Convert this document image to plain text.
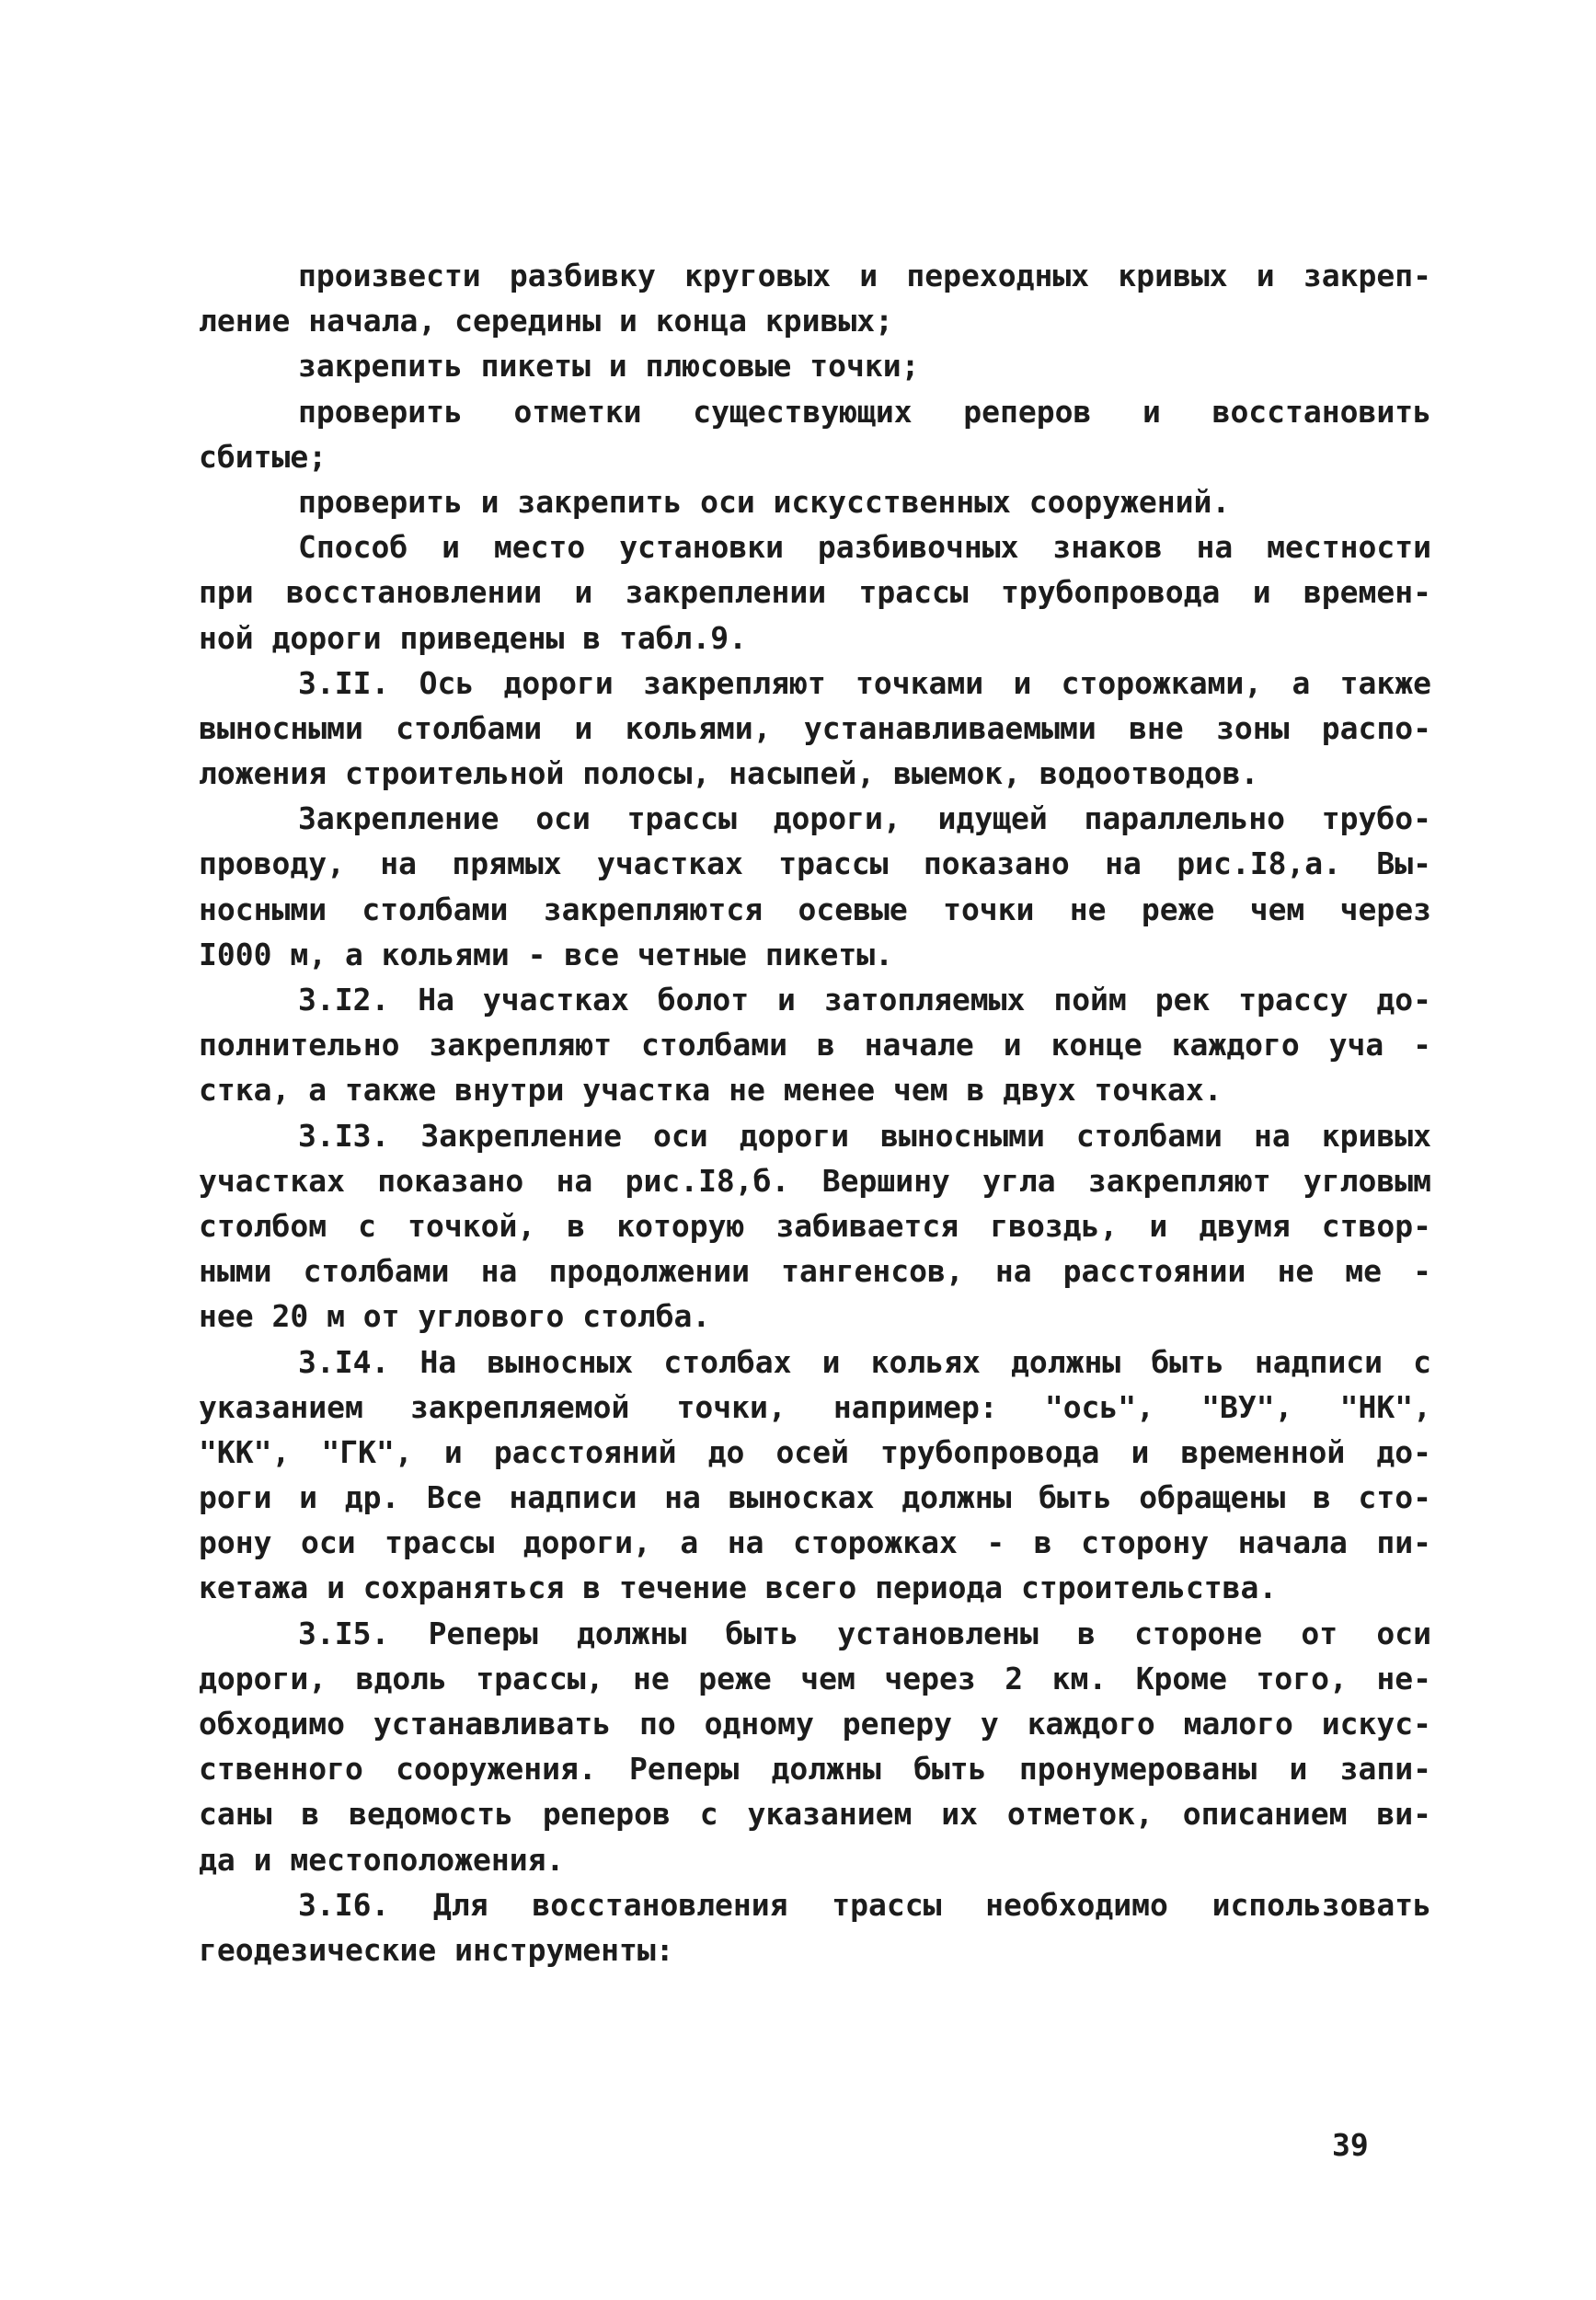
произвести разбивку круговых и переходных кривых и закреп-
ление начала, середины и конца кривых;
закрепить пикеты и плюсовые точки;
проверить отметки существующих реперов и восстановить
сбитые;
проверить и закрепить оси искусственных сооружений.
Способ и место установки разбивочных знаков на местности
при восстановлении и закреплении трассы трубопровода и времен-
ной дороги приведены в табл.9.
3.II. Ось дороги закрепляют точками и сторожками, а также
выносными столбами и кольями, устанавливаемыми вне зоны распо-
ложения строительной полосы, насыпей, выемок, водоотводов.
Закрепление оси трассы дороги, идущей параллельно трубо-
проводу, на прямых участках трассы показано на рис.I8,а. Вы-
носными столбами закрепляются осевые точки не реже чем через
I000 м, а кольями - все четные пикеты.
3.I2. На участках болот и затопляемых пойм рек трассу до-
полнительно закрепляют столбами в начале и конце каждого уча -
стка, а также внутри участка не менее чем в двух точках.
3.I3. Закрепление оси дороги выносными столбами на кривых
участках показано на рис.I8,б. Вершину угла закрепляют угловым
столбом с точкой, в которую забивается гвоздь, и двумя створ-
ными столбами на продолжении тангенсов, на расстоянии не ме -
нее 20 м от углового столба.
3.I4. На выносных столбах и кольях должны быть надписи с
указанием закрепляемой точки, например: "ось", "ВУ", "НК",
"КК", "ГК", и расстояний до осей трубопровода и временной до-
роги и др. Все надписи на выносках должны быть обращены в сто-
рону оси трассы дороги, а на сторожках - в сторону начала пи-
кетажа и сохраняться в течение всего периода строительства.
3.I5. Реперы должны быть установлены в стороне от оси
дороги, вдоль трассы, не реже чем через 2 км. Кроме того, не-
обходимо устанавливать по одному реперу у каждого малого искус-
ственного сооружения. Реперы должны быть пронумерованы и запи-
саны в ведомость реперов с указанием их отметок, описанием ви-
да и местоположения.
3.I6. Для восстановления трассы необходимо использовать
геодезические инструменты:
39
